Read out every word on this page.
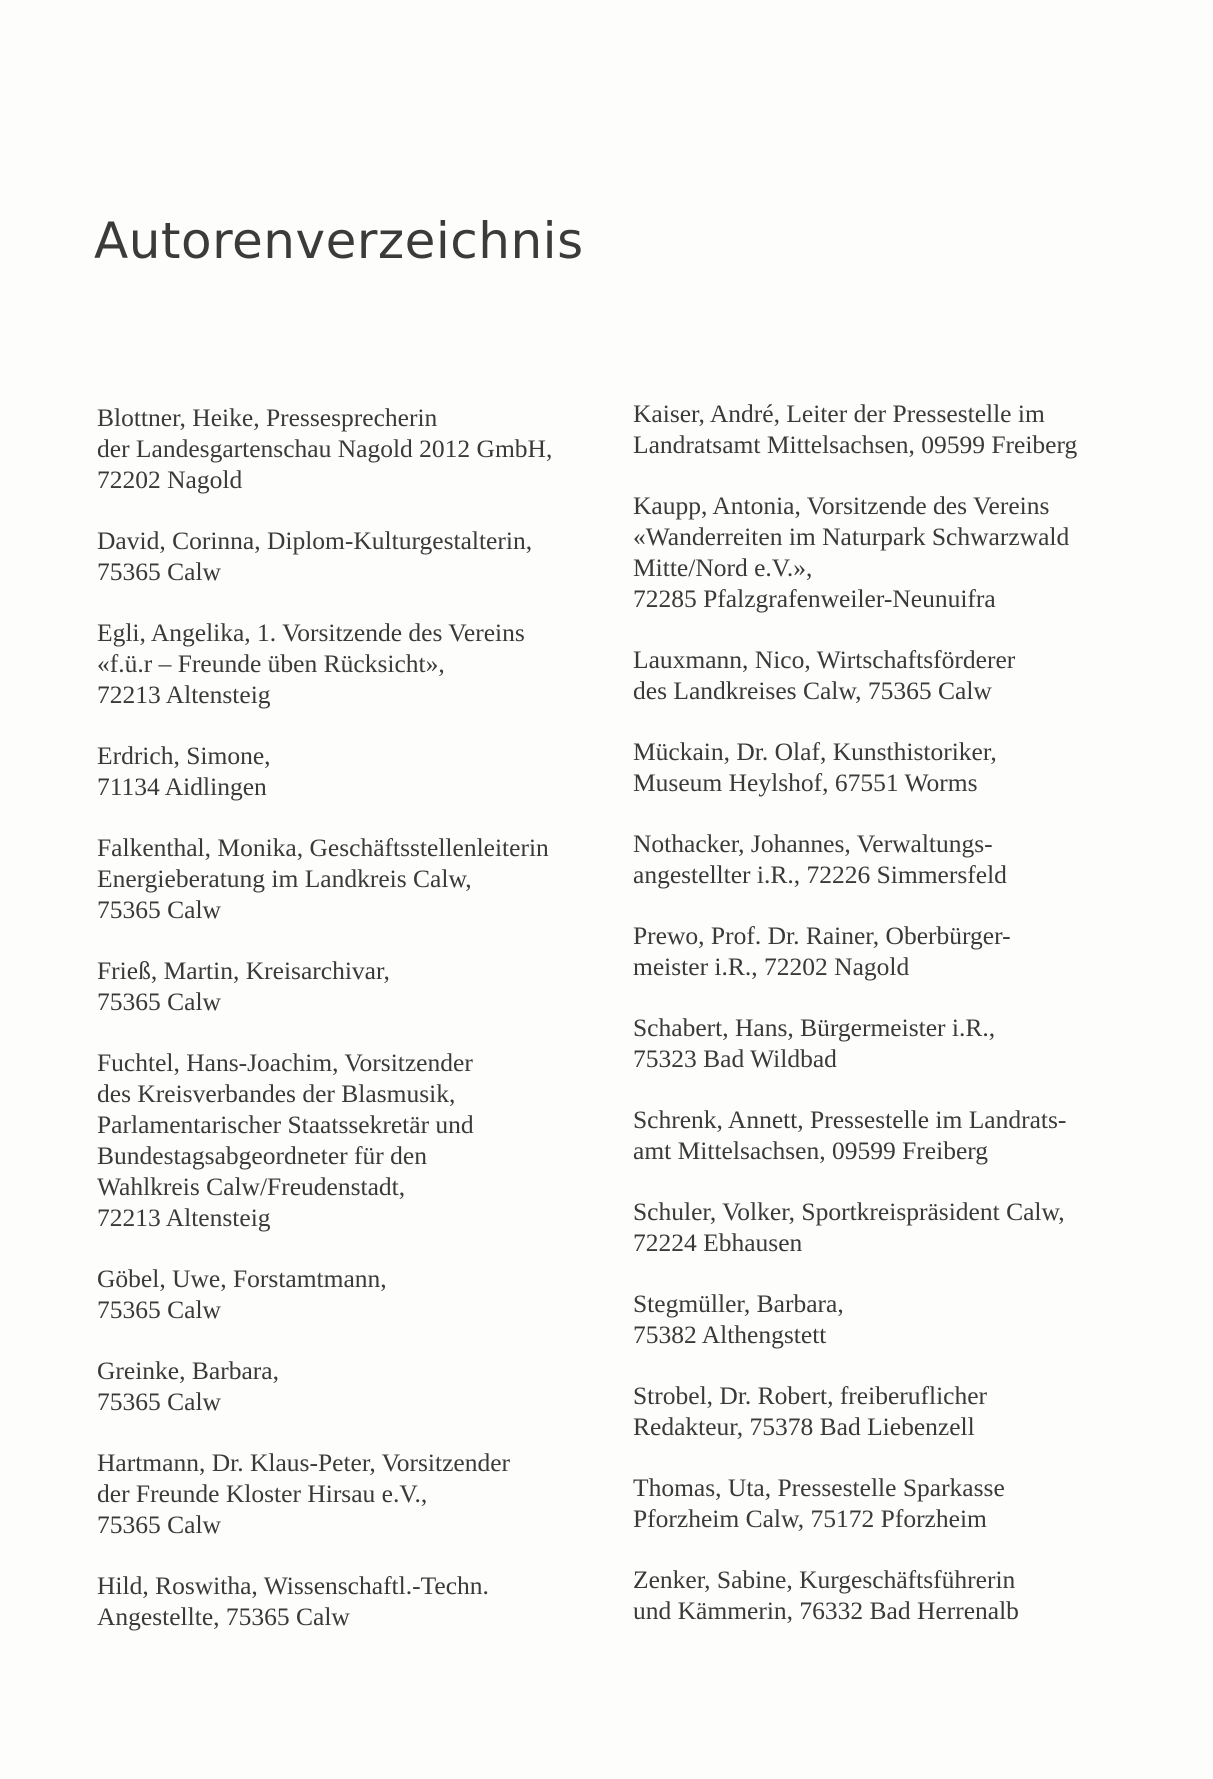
Autorenverzeichnis
Blottner, Heike, Pressesprecherin
der Landesgartenschau Nagold 2012 GmbH,
72202 Nagold
David, Corinna, Diplom-Kulturgestalterin,
75365 Calw
Egli, Angelika, 1. Vorsitzende des Vereins
«f.ü.r – Freunde üben Rücksicht»,
72213 Altensteig
Erdrich, Simone,
71134 Aidlingen
Falkenthal, Monika, Geschäftsstellenleiterin
Energieberatung im Landkreis Calw,
75365 Calw
Frieß, Martin, Kreisarchivar,
75365 Calw
Fuchtel, Hans-Joachim, Vorsitzender
des Kreisverbandes der Blasmusik,
Parlamentarischer Staatssekretär und
Bundestagsabgeordneter für den
Wahlkreis Calw/Freudenstadt,
72213 Altensteig
Göbel, Uwe, Forstamtmann,
75365 Calw
Greinke, Barbara,
75365 Calw
Hartmann, Dr. Klaus-Peter, Vorsitzender
der Freunde Kloster Hirsau e.V.,
75365 Calw
Hild, Roswitha, Wissenschaftl.-Techn.
Angestellte, 75365 Calw
Kaiser, André, Leiter der Pressestelle im
Landratsamt Mittelsachsen, 09599 Freiberg
Kaupp, Antonia, Vorsitzende des Vereins
«Wanderreiten im Naturpark Schwarzwald
Mitte/Nord e.V.»,
72285 Pfalzgrafenweiler-Neunuifra
Lauxmann, Nico, Wirtschaftsförderer
des Landkreises Calw, 75365 Calw
Mückain, Dr. Olaf, Kunsthistoriker,
Museum Heylshof, 67551 Worms
Nothacker, Johannes, Verwaltungs-
angestellter i.R., 72226 Simmersfeld
Prewo, Prof. Dr. Rainer, Oberbürger-
meister i.R., 72202 Nagold
Schabert, Hans, Bürgermeister i.R.,
75323 Bad Wildbad
Schrenk, Annett, Pressestelle im Landrats-
amt Mittelsachsen, 09599 Freiberg
Schuler, Volker, Sportkreispräsident Calw,
72224 Ebhausen
Stegmüller, Barbara,
75382 Althengstett
Strobel, Dr. Robert, freiberuflicher
Redakteur, 75378 Bad Liebenzell
Thomas, Uta, Pressestelle Sparkasse
Pforzheim Calw, 75172 Pforzheim
Zenker, Sabine, Kurgeschäftsführerin
und Kämmerin, 76332 Bad Herrenalb
